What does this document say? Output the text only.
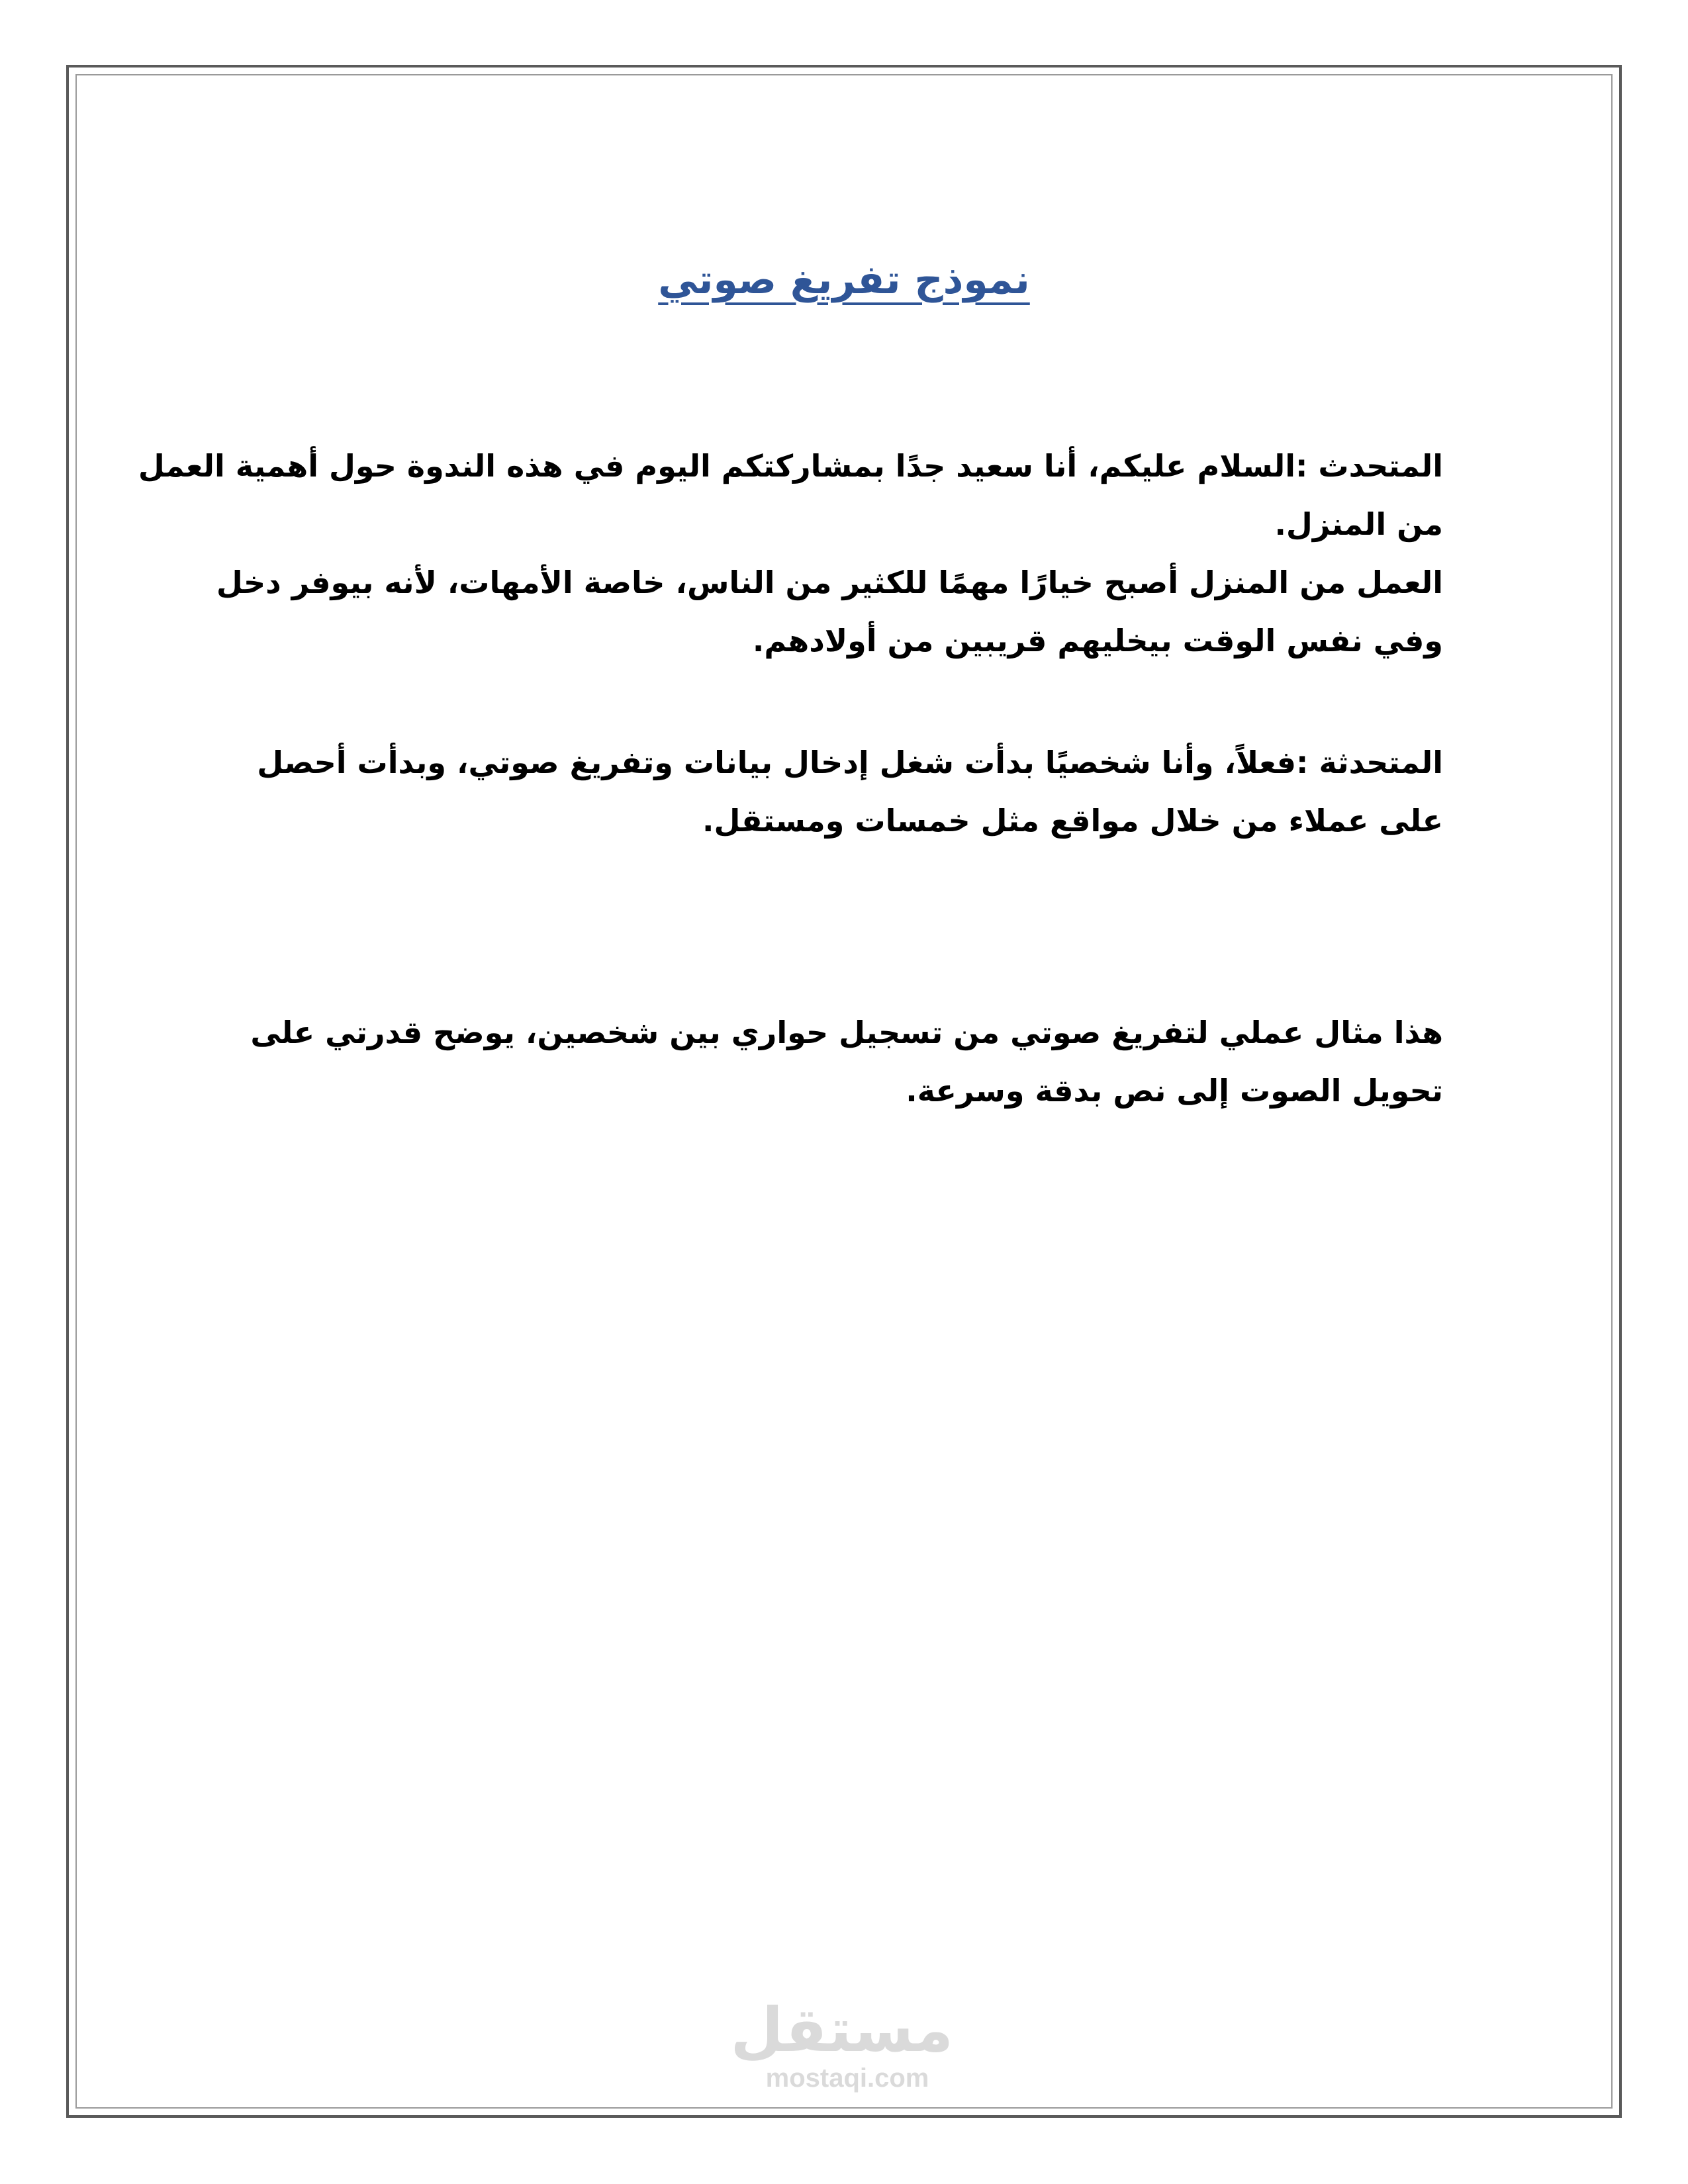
نموذج تفريغ صوتي
المتحدث :السلام عليكم، أنا سعيد جدًا بمشاركتكم اليوم في هذه الندوة حول أهمية العمل
من المنزل.
العمل من المنزل أصبح خيارًا مهمًا للكثير من الناس، خاصة الأمهات، لأنه بيوفر دخل
وفي نفس الوقت بيخليهم قريبين من أولادهم.
المتحدثة :فعلاً، وأنا شخصيًا بدأت شغل إدخال بيانات وتفريغ صوتي، وبدأت أحصل
على عملاء من خلال مواقع مثل خمسات ومستقل.
هذا مثال عملي لتفريغ صوتي من تسجيل حواري بين شخصين، يوضح قدرتي على
تحويل الصوت إلى نص بدقة وسرعة.
مستقل
mostaqi.com
